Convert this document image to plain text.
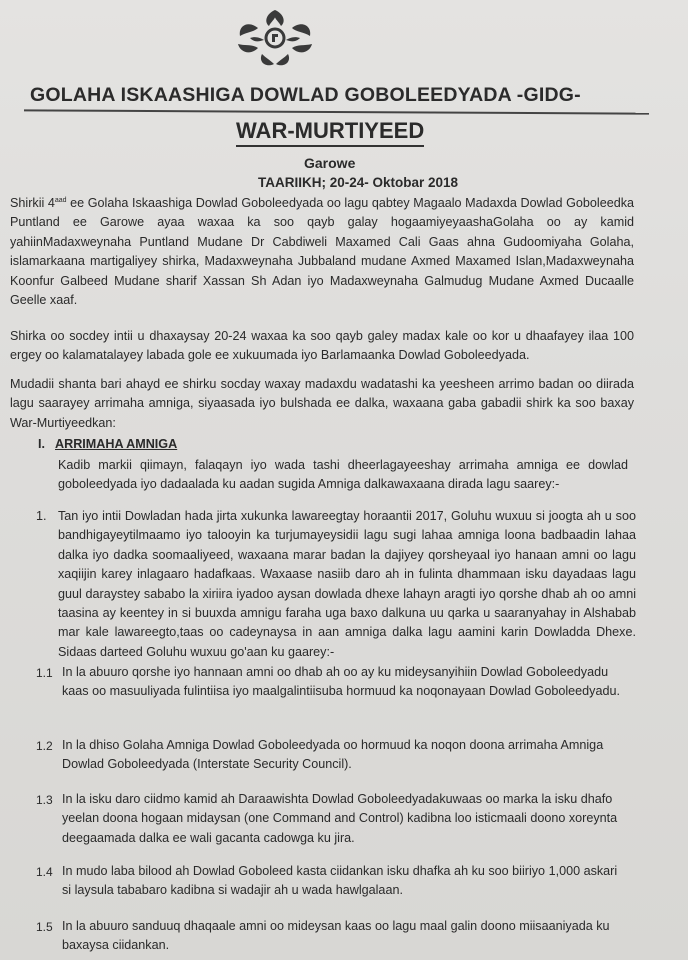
GOLAHA ISKAASHIGA DOWLAD GOBOLEEDYADA -GIDG-
WAR-MURTIYEED
Garowe
TAARIIKH; 20-24- Oktobar 2018
Shirkii $4^{aad}$ ee Golaha Iskaashiga Dowlad Goboleedyada oo lagu qabtey Magaalo Madaxda Dowlad Goboleedka Puntland ee Garowe ayaa waxaa ka soo qayb galay hogaamiyeyaashaGolaha oo ay kamid yahiinMadaxweynaha Puntland Mudane Dr Cabdiweli Maxamed Cali Gaas ahna Gudoomiyaha Golaha, islamarkaana martigaliyey shirka, Madaxweynaha Jubbaland mudane Axmed Maxamed Islan,Madaxweynaha Koonfur Galbeed Mudane sharif Xassan Sh Adan iyo Madaxweynaha Galmudug Mudane Axmed Ducaalle Geelle xaaf.
Shirka oo socdey intii u dhaxaysay 20-24 waxaa ka soo qayb galey madax kale oo kor u dhaafayey ilaa 100 ergey oo kalamatalayey labada gole ee xukuumada iyo Barlamaanka Dowlad Goboleedyada.
Mudadii shanta bari ahayd ee shirku socday waxay madaxdu wadatashi ka yeesheen arrimo badan oo diirada lagu saarayey arrimaha amniga, siyaasada iyo bulshada ee dalka, waxaana gaba gabadii shirk ka soo baxay War-Murtiyeedkan:
I. ARRIMAHA AMNIGA
Kadib markii qiimayn, falaqayn iyo wada tashi dheerlagayeeshay arrimaha amniga ee dowlad goboleedyada iyo dadaalada ku aadan sugida Amniga dalkawaxaana dirada lagu saarey:-
1. Tan iyo intii Dowladan hada jirta xukunka lawareegtay horaantii 2017, Goluhu wuxuu si joogta ah u soo bandhigayeytilmaamo iyo talooyin ka turjumayeysidii lagu sugi lahaa amniga loona badbaadin lahaa dalka iyo dadka soomaaliyeed, waxaana marar badan la dajiyey qorsheyaal iyo hanaan amni oo lagu xaqiijin karey inlagaaro hadafkaas. Waxaase nasiib daro ah in fulinta dhammaan isku dayadaas lagu guul daraystey sababo la xiriira iyadoo aysan dowlada dhexe lahayn aragti iyo qorshe dhab ah oo amni taasina ay keentey in si buuxda amnigu faraha uga baxo dalkuna uu qarka u saaranyahay in Alshabab mar kale lawareegto,taas oo cadeynaysa in aan amniga dalka lagu aamini karin Dowladda Dhexe. Sidaas darteed Goluhu wuxuu go'aan ku gaarey:-
1.1 In la abuuro qorshe iyo hannaan amni oo dhab ah oo ay ku mideysanyihiin Dowlad Goboleedyadu kaas oo masuuliyada fulintiisa iyo maalgalintiisuba hormuud ka noqonayaan Dowlad Goboleedyadu.
1.2 In la dhiso Golaha Amniga Dowlad Goboleedyada oo hormuud ka noqon doona arrimaha Amniga Dowlad Goboleedyada (Interstate Security Council).
1.3 In la isku daro ciidmo kamid ah Daraawishta Dowlad Goboleedyadakuwaas oo marka la isku dhafo yeelan doona hogaan midaysan (one Command and Control) kadibna loo isticmaali doono xoreynta deegaamada dalka ee wali gacanta cadowga ku jira.
1.4 In mudo laba bilood ah Dowlad Goboleed kasta ciidankan isku dhafka ah ku soo biiriyo 1,000 askari si laysula tababaro kadibna si wadajir ah u wada hawlgalaan.
1.5 In la abuuro sanduuq dhaqaale amni oo mideysan kaas oo lagu maal galin doono miisaaniyada ku baxaysa ciidankan.
